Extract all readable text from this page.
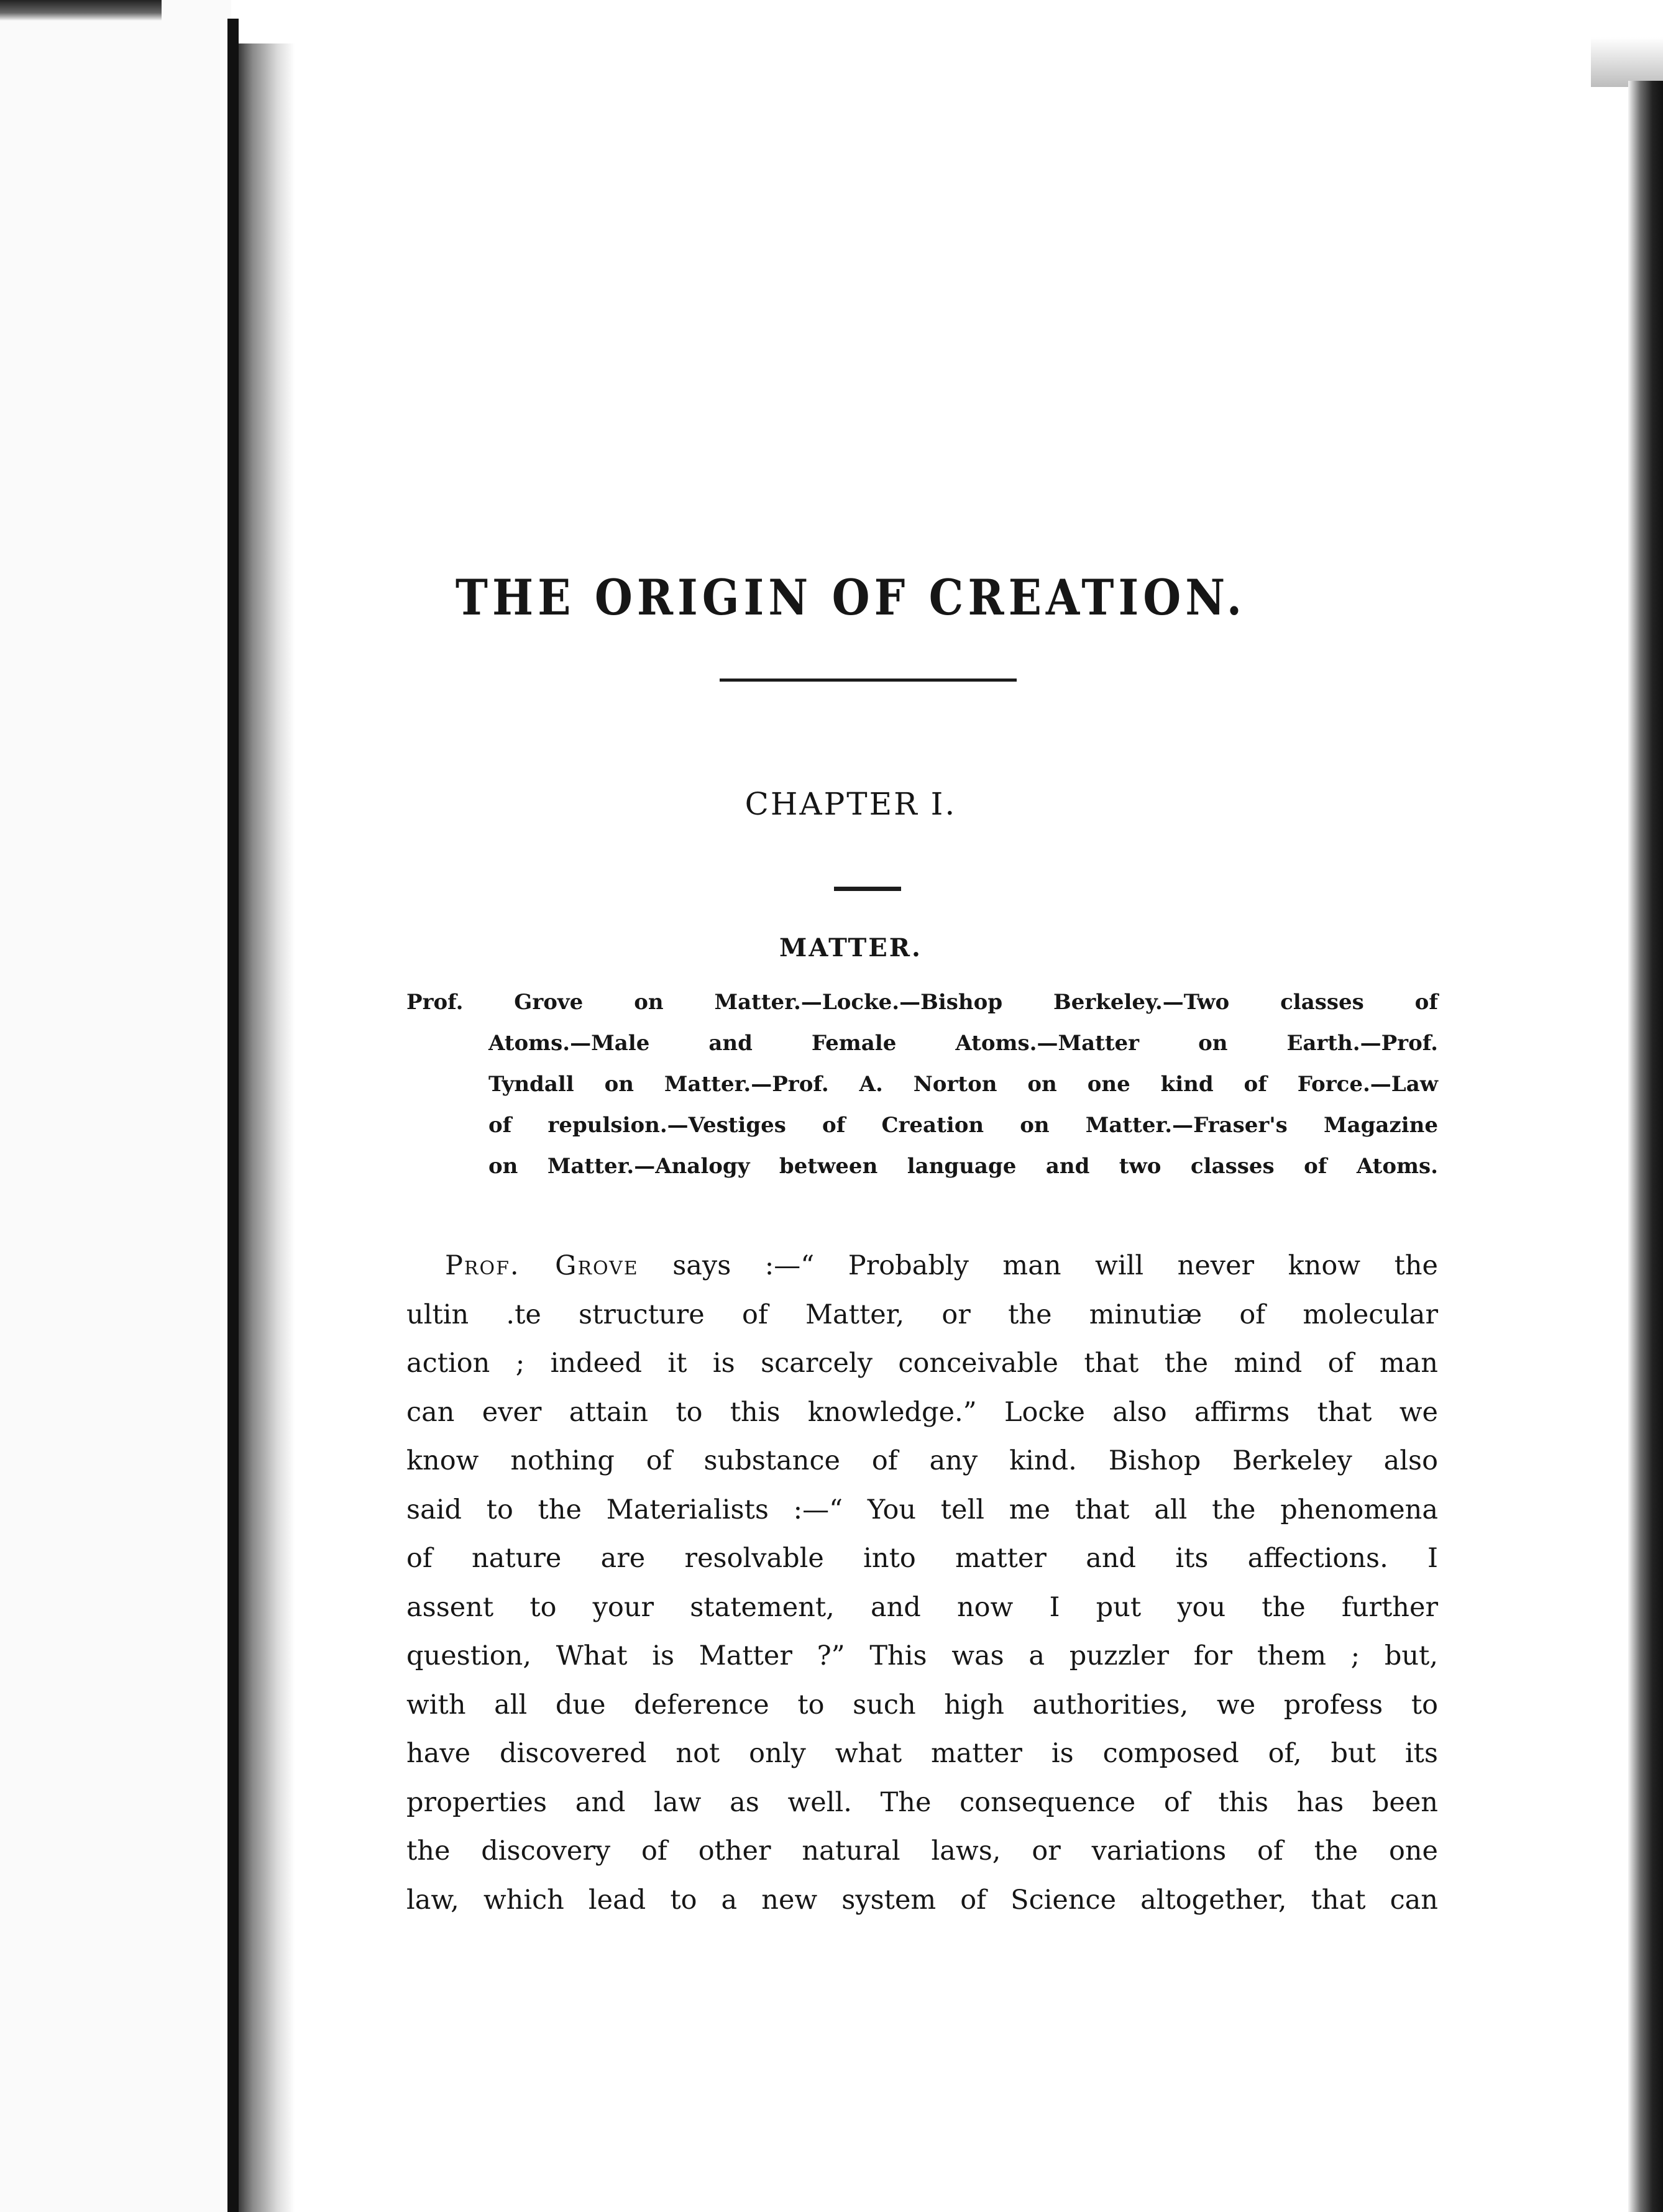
THE ORIGIN OF CREATION.
CHAPTER I.
MATTER.
Prof. Grove on Matter.—Locke.—Bishop Berkeley.—Two classes of
Atoms.—Male and Female Atoms.—Matter on Earth.—Prof.
Tyndall on Matter.—Prof. A. Norton on one kind of Force.—Law
of repulsion.—Vestiges of Creation on Matter.—Fraser's Magazine
on Matter.—Analogy between language and two classes of Atoms.
Prof. Grove says :—“ Probably man will never know the
ultin .te structure of Matter, or the minutiæ of molecular
action ; indeed it is scarcely conceivable that the mind of man
can ever attain to this knowledge.” Locke also affirms that we
know nothing of substance of any kind. Bishop Berkeley also
said to the Materialists :—“ You tell me that all the phenomena
of nature are resolvable into matter and its affections. I
assent to your statement, and now I put you the further
question, What is Matter ?” This was a puzzler for them ; but,
with all due deference to such high authorities, we profess to
have discovered not only what matter is composed of, but its
properties and law as well. The consequence of this has been
the discovery of other natural laws, or variations of the one
law, which lead to a new system of Science altogether, that can
